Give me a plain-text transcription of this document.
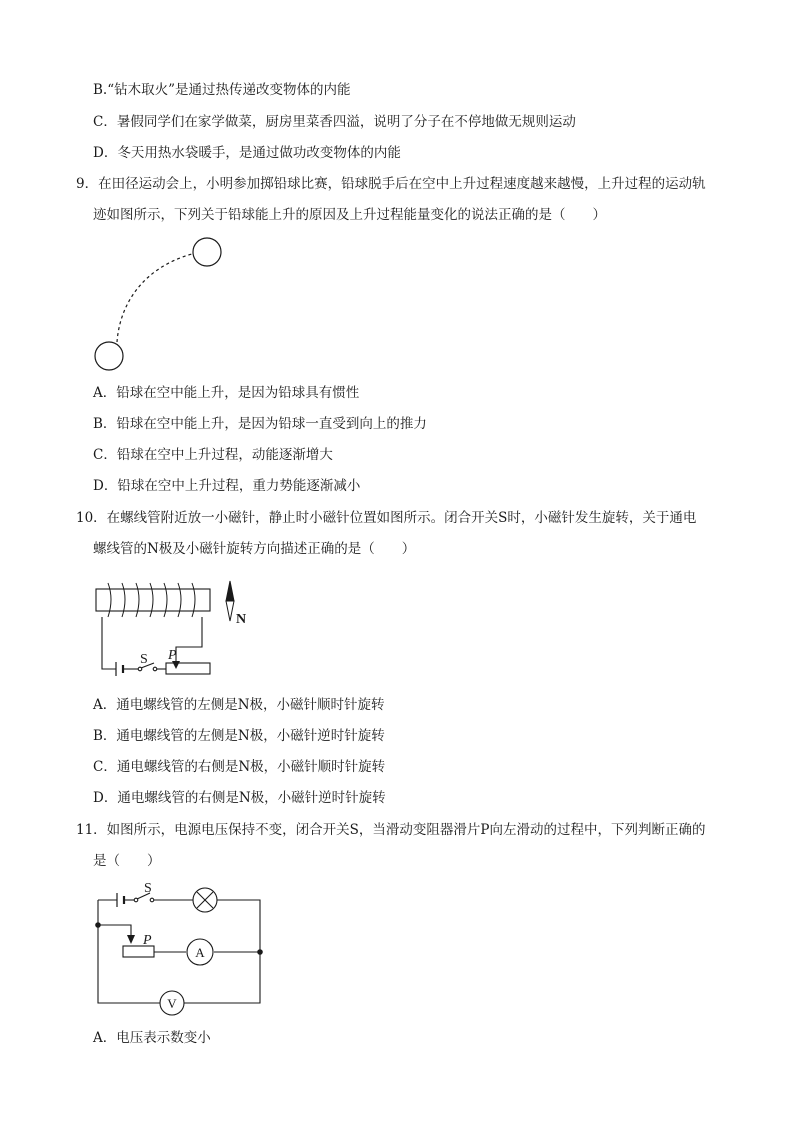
B.“钻木取火”是通过热传递改变物体的内能
C．暑假同学们在家学做菜，厨房里菜香四溢，说明了分子在不停地做无规则运动
D．冬天用热水袋暖手，是通过做功改变物体的内能
9．在田径运动会上，小明参加掷铅球比赛，铅球脱手后在空中上升过程速度越来越慢，上升过程的运动轨
迹如图所示，下列关于铅球能上升的原因及上升过程能量变化的说法正确的是（　　）
A．铅球在空中能上升，是因为铅球具有惯性
B．铅球在空中能上升，是因为铅球一直受到向上的推力
C．铅球在空中上升过程，动能逐渐增大
D．铅球在空中上升过程，重力势能逐渐减小
10．在螺线管附近放一小磁针，静止时小磁针位置如图所示。闭合开关S时，小磁针发生旋转，关于通电
螺线管的N极及小磁针旋转方向描述正确的是（　　）
S P
N
A．通电螺线管的左侧是N极，小磁针顺时针旋转
B．通电螺线管的左侧是N极，小磁针逆时针旋转
C．通电螺线管的右侧是N极，小磁针顺时针旋转
D．通电螺线管的右侧是N极，小磁针逆时针旋转
11．如图所示，电源电压保持不变，闭合开关S，当滑动变阻器滑片P向左滑动的过程中，下列判断正确的
是（　　）
S
P
A
V
A．电压表示数变小
